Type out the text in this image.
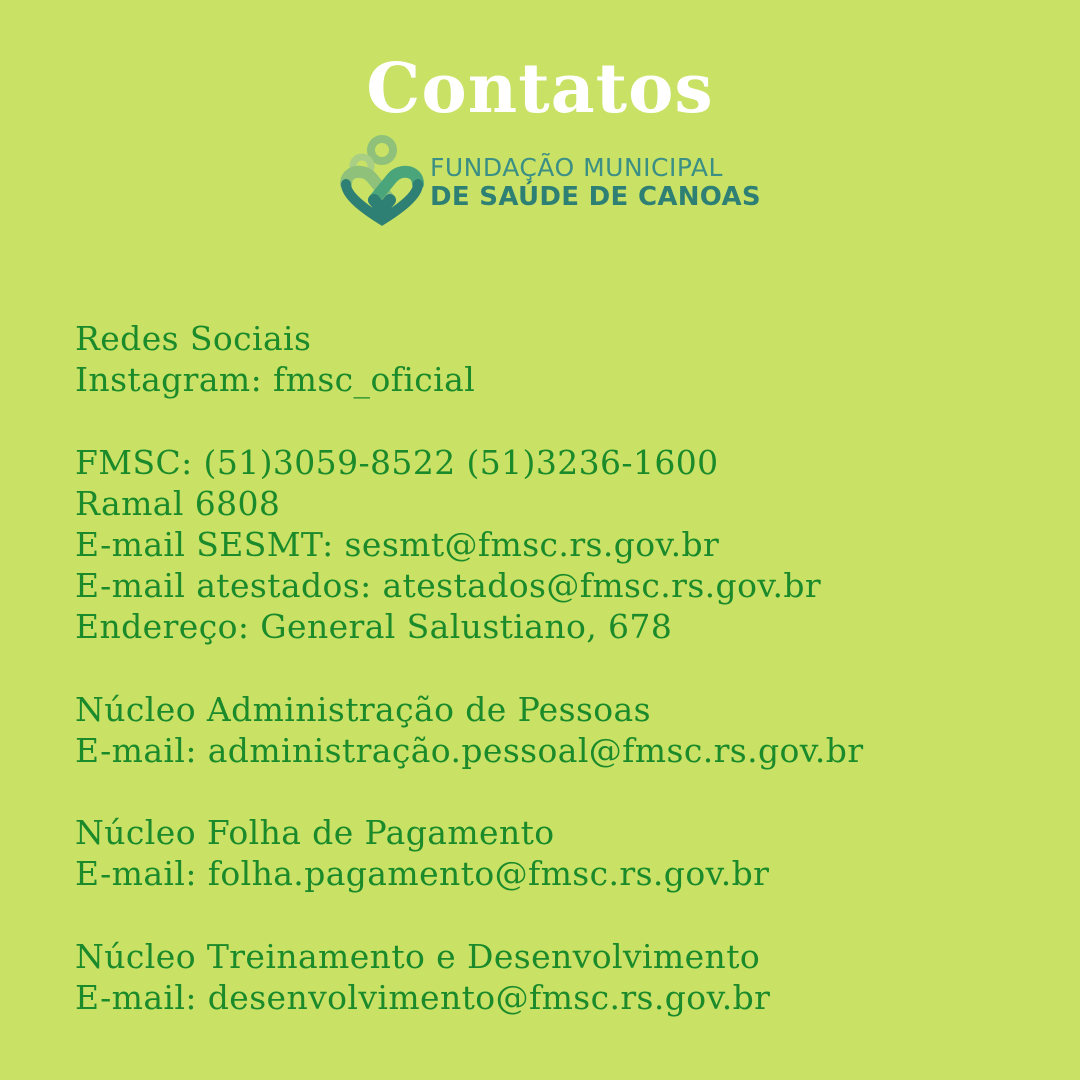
Contatos
FUNDAÇÃO MUNICIPAL
DE SAÚDE DE CANOAS
Redes Sociais
Instagram: fmsc_oficial
FMSC: (51)3059-8522 (51)3236-1600
Ramal 6808
E-mail SESMT: sesmt@fmsc.rs.gov.br
E-mail atestados: atestados@fmsc.rs.gov.br
Endereço: General Salustiano, 678
Núcleo Administração de Pessoas
E-mail: administração.pessoal@fmsc.rs.gov.br
Núcleo Folha de Pagamento
E-mail: folha.pagamento@fmsc.rs.gov.br
Núcleo Treinamento e Desenvolvimento
E-mail: desenvolvimento@fmsc.rs.gov.br
